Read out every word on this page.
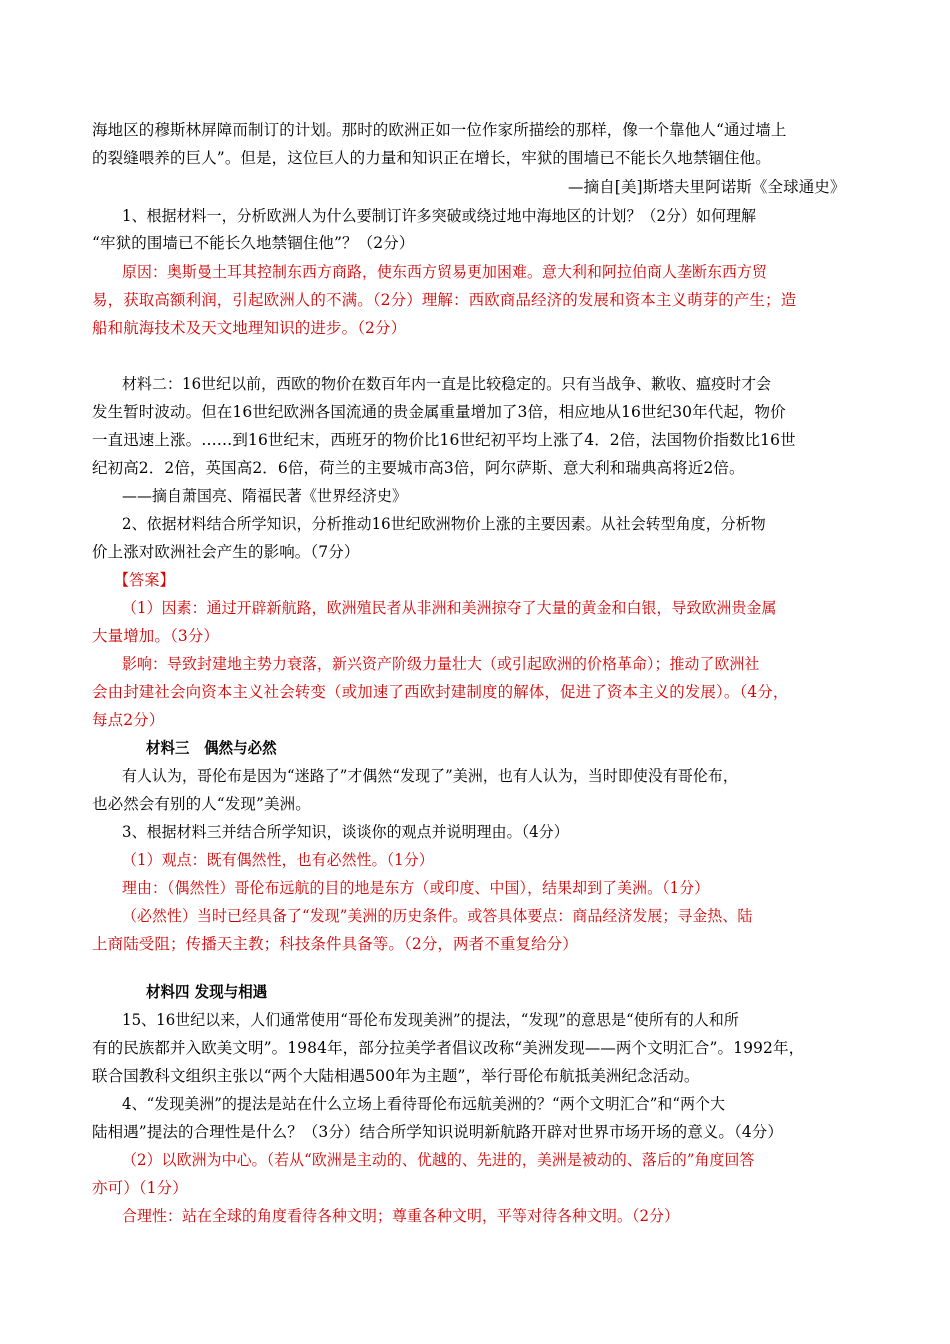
海地区的穆斯林屏障而制订的计划。那时的欧洲正如一位作家所描绘的那样，像一个靠他人“通过墙上
的裂缝喂养的巨人”。但是，这位巨人的力量和知识正在增长，牢狱的围墙已不能长久地禁锢住他。
—摘自[美]斯塔夫里阿诺斯《全球通史》
1、根据材料一，分析欧洲人为什么要制订许多突破或绕过地中海地区的计划？（2分）如何理解
“牢狱的围墙已不能长久地禁锢住他”？（2分）
原因：奥斯曼土耳其控制东西方商路，使东西方贸易更加困难。意大利和阿拉伯商人垄断东西方贸
易，获取高额利润，引起欧洲人的不满。（2分）理解：西欧商品经济的发展和资本主义萌芽的产生；造
船和航海技术及天文地理知识的进步。（2分）
材料二：16世纪以前，西欧的物价在数百年内一直是比较稳定的。只有当战争、歉收、瘟疫时才会
发生暂时波动。但在16世纪欧洲各国流通的贵金属重量增加了3倍，相应地从16世纪30年代起，物价
一直迅速上涨。……到16世纪末，西班牙的物价比16世纪初平均上涨了4．2倍，法国物价指数比16世
纪初高2．2倍，英国高2．6倍，荷兰的主要城市高3倍，阿尔萨斯、意大利和瑞典高将近2倍。
——摘自萧国亮、隋福民著《世界经济史》
2、依据材料结合所学知识，分析推动16世纪欧洲物价上涨的主要因素。从社会转型角度，分析物
价上涨对欧洲社会产生的影响。（7分）
【答案】
（1）因素：通过开辟新航路，欧洲殖民者从非洲和美洲掠夺了大量的黄金和白银，导致欧洲贵金属
大量增加。（3分）
影响：导致封建地主势力衰落，新兴资产阶级力量壮大（或引起欧洲的价格革命）；推动了欧洲社
会由封建社会向资本主义社会转变（或加速了西欧封建制度的解体，促进了资本主义的发展）。（4分，
每点2分）
材料三　偶然与必然
有人认为，哥伦布是因为“迷路了”才偶然“发现了”美洲，也有人认为，当时即使没有哥伦布，
也必然会有别的人“发现”美洲。
3、根据材料三并结合所学知识，谈谈你的观点并说明理由。（4分）
（1）观点：既有偶然性，也有必然性。（1分）
理由：（偶然性）哥伦布远航的目的地是东方（或印度、中国），结果却到了美洲。（1分）
（必然性）当时已经具备了“发现”美洲的历史条件。或答具体要点：商品经济发展；寻金热、陆
上商陆受阻；传播天主教；科技条件具备等。（2分，两者不重复给分）
材料四 发现与相遇
15、16世纪以来，人们通常使用“哥伦布发现美洲”的提法，“发现”的意思是“使所有的人和所
有的民族都并入欧美文明”。1984年，部分拉美学者倡议改称“美洲发现——两个文明汇合”。1992年，
联合国教科文组织主张以“两个大陆相遇500年为主题”，举行哥伦布航抵美洲纪念活动。
4、“发现美洲”的提法是站在什么立场上看待哥伦布远航美洲的？“两个文明汇合”和“两个大
陆相遇”提法的合理性是什么？（3分）结合所学知识说明新航路开辟对世界市场开场的意义。（4分）
（2）以欧洲为中心。（若从“欧洲是主动的、优越的、先进的，美洲是被动的、落后的”角度回答
亦可）（1分）
合理性：站在全球的角度看待各种文明；尊重各种文明，平等对待各种文明。（2分）
